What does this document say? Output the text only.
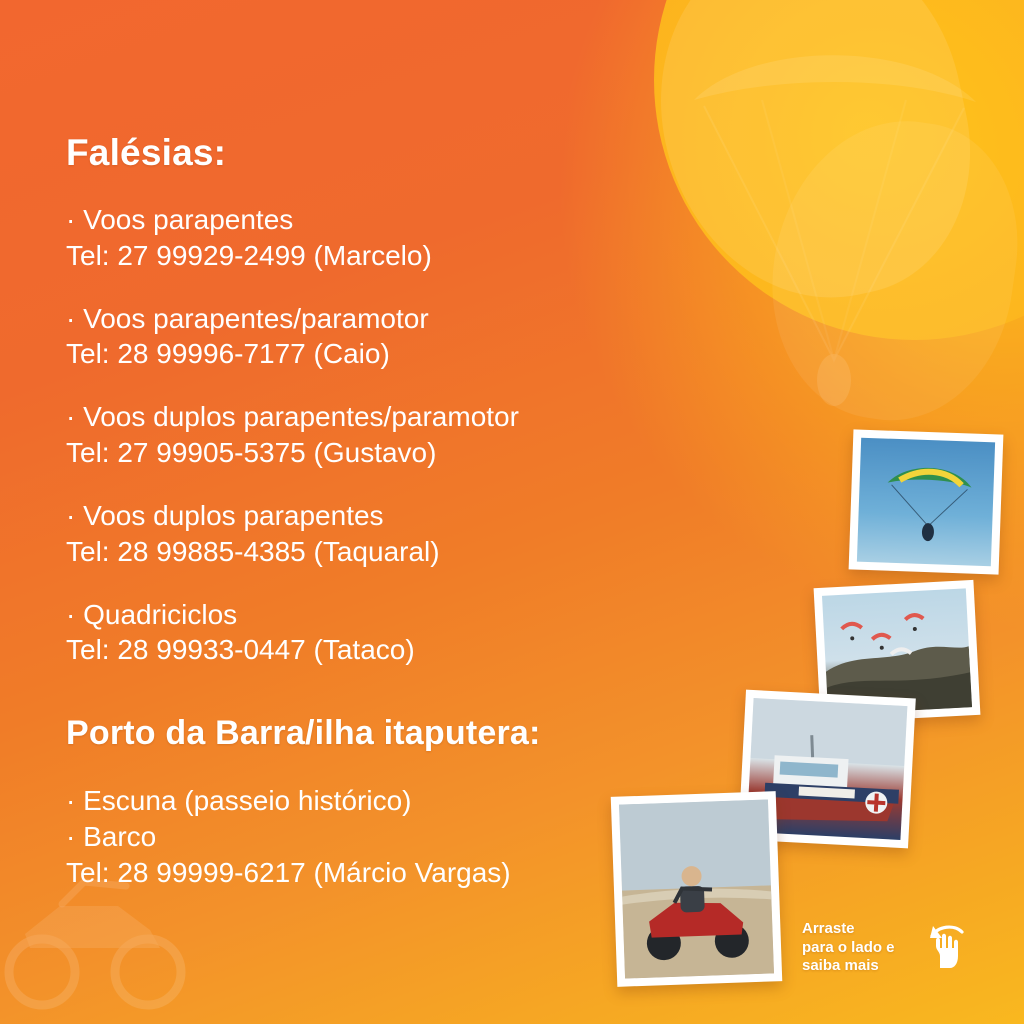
Falésias:
· Voos parapentes
Tel: 27 99929-2499 (Marcelo)
· Voos parapentes/paramotor
Tel: 28 99996-7177 (Caio)
· Voos duplos parapentes/paramotor
Tel: 27 99905-5375 (Gustavo)
· Voos duplos parapentes
Tel: 28 99885-4385 (Taquaral)
· Quadriciclos
Tel: 28 99933-0447 (Tataco)
Porto da Barra/ilha itaputera:
· Escuna (passeio histórico)
· Barco
Tel: 28 99999-6217 (Márcio Vargas)
Arraste
para o lado e
saiba mais
